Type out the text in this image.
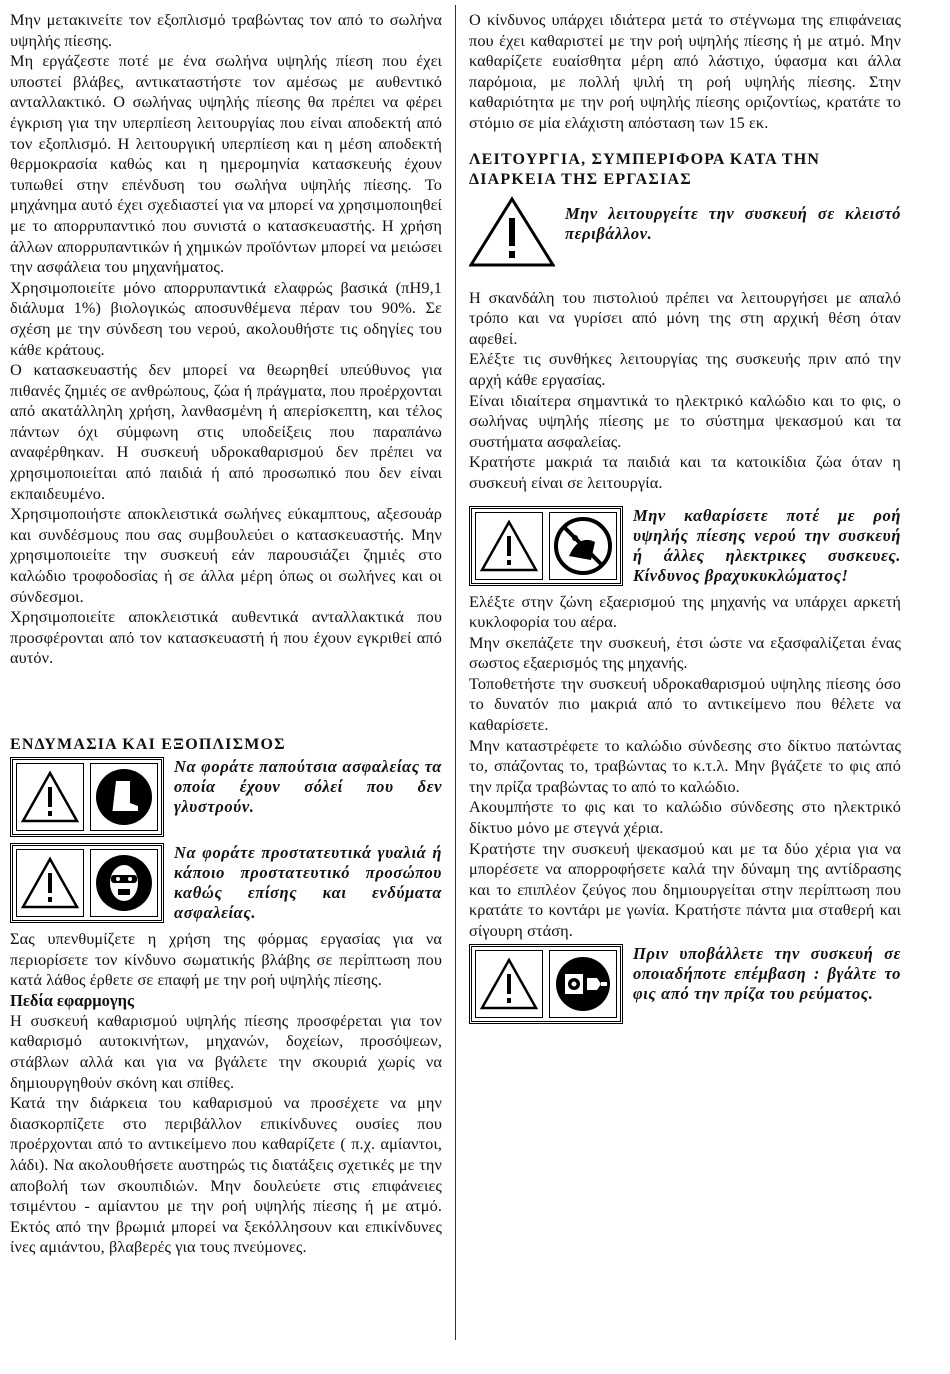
Μην μετακινείτε τον εξοπλισμό τραβώντας τον από το σωλήνα υψηλής πίεσης.

Μη εργάζεστε ποτέ με ένα σωλήνα υψηλής πίεση που έχει υποστεί βλάβες, αντικαταστήστε τον αμέσως με αυθεντικό ανταλλακτικό. Ο σωλήνας υψηλής πίεσης θα πρέπει να φέρει έγκριση για την υπερπίεση λειτουργίας που είναι αποδεκτή από τον εξοπλισμό. Η λειτουργική υπερπίεση και η μέση αποδεκτή θερμοκρασία καθώς και η ημερομηνία κατασκευής έχουν τυπωθεί στην επένδυση του σωλήνα υψηλής πίεσης. Το μηχάνημα αυτό έχει σχεδιαστεί για να μπορεί να χρησιμοποιηθεί με το απορρυπαντικό που συνιστά ο κατασκευαστής. Η χρήση άλλων απορρυπαντικών ή χημικών προϊόντων μπορεί να μειώσει την ασφάλεια του μηχανήματος.

Χρησιμοποιείτε μόνο απορρυπαντικά ελαφρώς βασικά (πΗ9,1 διάλυμα 1%) βιολογικώς αποσυνθέμενα πέραν του 90%. Σε σχέση με την σύνδεση του νερού, ακολουθήστε τις οδηγίες του κάθε κράτους.

Ο κατασκευαστής δεν μπορεί να θεωρηθεί υπεύθυνος για πιθανές ζημιές σε ανθρώπους, ζώα ή πράγματα, που προέρχονται από ακατάλληλη χρήση, λανθασμένη ή απερίσκεπτη, και τέλος πάντων όχι σύμφωνη στις υποδείξεις που παραπάνω αναφέρθηκαν. Η συσκευή υδροκαθαρισμού δεν πρέπει να χρησιμοποιείται από παιδιά ή από προσωπικό που δεν είναι εκπαιδευμένο.

Χρησιμοποιήστε αποκλειστικά σωλήνες εύκαμπτους, αξεσουάρ και συνδέσμους που σας συμβουλεύει ο κατασκευαστής. Μην χρησιμοποιείτε την συσκευή εάν παρουσιάζει ζημιές στο καλώδιο τροφοδοσίας ή σε άλλα μέρη όπως οι σωλήνες και οι σύνδεσμοι.

Χρησιμοποιείτε αποκλειστικά αυθεντικά ανταλλακτικά που προσφέρονται από τον κατασκευαστή ή που έχουν εγκριθεί από αυτόν.

ΕΝΔΥΜΑΣΙΑ ΚΑΙ ΕΞΟΠΛΙΣΜΟΣ
Να φοράτε παπούτσια ασφαλείας τα οποία έχουν σόλεί που δεν γλυστρούν.
Να φοράτε προστατευτικά γυαλιά ή κάποιο προστατευτικό προσώπου καθώς επίσης και ενδύματα ασφαλείας.

Σας υπενθυμίζετε η χρήση της φόρμας εργασίας για να περιορίσετε τον κίνδυνο σωματικής βλάβης σε περίπτωση που κατά λάθος έρθετε σε επαφή με την ροή υψηλής πίεσης.

Πεδία εφαρμογης

Η συσκευή καθαρισμού υψηλής πίεσης προσφέρεται για τον καθαρισμό αυτοκινήτων, μηχανών, δοχείων, προσόψεων, στάβλων αλλά και για να βγάλετε την σκουριά χωρίς να δημιουργηθούν σκόνη και σπίθες.

Κατά την διάρκεια του καθαρισμού να προσέχετε να μην διασκορπίζετε στο περιβάλλον επικίνδυνες ουσίες που προέρχονται από το αντικείμενο που καθαρίζετε ( π.χ. αμίαντοι, λάδι). Να ακολουθήσετε αυστηρώς τις διατάξεις σχετικές με την αποβολή των σκουπιδιών. Μην δουλεύετε στις επιφάνειες τσιμέντου - αμίαντου με την ροή υψηλής πίεσης ή με ατμό. Εκτός από την βρωμιά μπορεί να ξεκόλλησουν και επικίνδυνες ίνες αμιάντου, βλαβερές για τους πνεύμονες.

Ο κίνδυνος υπάρχει ιδιάτερα μετά το στέγνωμα της επιφάνειας που έχει καθαριστεί με την ροή υψηλής πίεσης ή με ατμό. Μην καθαρίζετε ευαίσθητα μέρη από λάστιχο, ύφασμα και άλλα παρόμοια, με πολλή ψιλή τη ροή υψηλής πίεσης. Στην καθαριότητα με την ροή υψηλής πίεσης οριζοντίως, κρατάτε το στόμιο σε μία ελάχιστη απόσταση των 15 εκ.

ΛΕΙΤΟΥΡΓΙΑ, ΣΥΜΠΕΡΙΦΟΡΑ ΚΑΤΑ ΤΗΝ ΔΙΑΡΚΕΙΑ ΤΗΣ ΕΡΓΑΣΙΑΣ
Μην λειτουργείτε την συσκευή σε κλειστό περιβάλλον.

Η σκανδάλη του πιστολιού πρέπει να λειτουργήσει με απαλό τρόπο και να γυρίσει από μόνη της στη αρχική θέση όταν αφεθεί.

Ελέξτε τις συνθήκες λειτουργίας της συσκευής πριν από την αρχή κάθε εργασίας.

Είναι ιδιαίτερα σημαντικά το ηλεκτρικό καλώδιο και το φις, ο σωλήνας υψηλής πίεσης με το σύστημα ψεκασμού και τα συστήματα ασφαλείας.

Κρατήστε μακριά τα παιδιά και τα κατοικίδια ζώα όταν η συσκευή είναι σε λειτουργία.

Μην καθαρίσετε ποτέ με ροή υψηλής πίεσης νερού την συσκευή ή άλλες ηλεκτρικες συσκευες. Κίνδυνος βραχυκυκλώματος!

Ελέξτε στην ζώνη εξαερισμού της μηχανής να υπάρχει αρκετή κυκλοφορία του αέρα.

Μην σκεπάζετε την συσκευή, έτσι ώστε να εξασφαλίζεται ένας σωστος εξαερισμός της μηχανής.

Τοποθετήστε την συσκευή υδροκαθαρισμού υψηλης πίεσης όσο το δυνατόν πιο μακριά από το αντικείμενο που θέλετε να καθαρίσετε.

Μην καταστρέφετε το καλώδιο σύνδεσης στο δίκτυο πατώντας το, σπάζοντας το, τραβώντας το κ.τ.λ. Μην βγάζετε το φις από την πρίζα τραβώντας το από το καλώδιο.

Ακουμπήστε το φις και το καλώδιο σύνδεσης στο ηλεκτρικό δίκτυο μόνο με στεγνά χέρια.

Κρατήστε την συσκευή ψεκασμού και με τα δύο χέρια για να μπορέσετε να απορροφήσετε καλά την δύναμη της αντίδρασης και το επιπλέον ζεύγος που δημιουργείται στην περίπτωση που κρατάτε το κοντάρι με γωνία. Κρατήστε πάντα μια σταθερή και σίγουρη στάση.

Πριν υποβάλλετε την συσκευή σε οποιαδήποτε επέμβαση : βγάλτε το φις από την πρίζα του ρεύματος.
